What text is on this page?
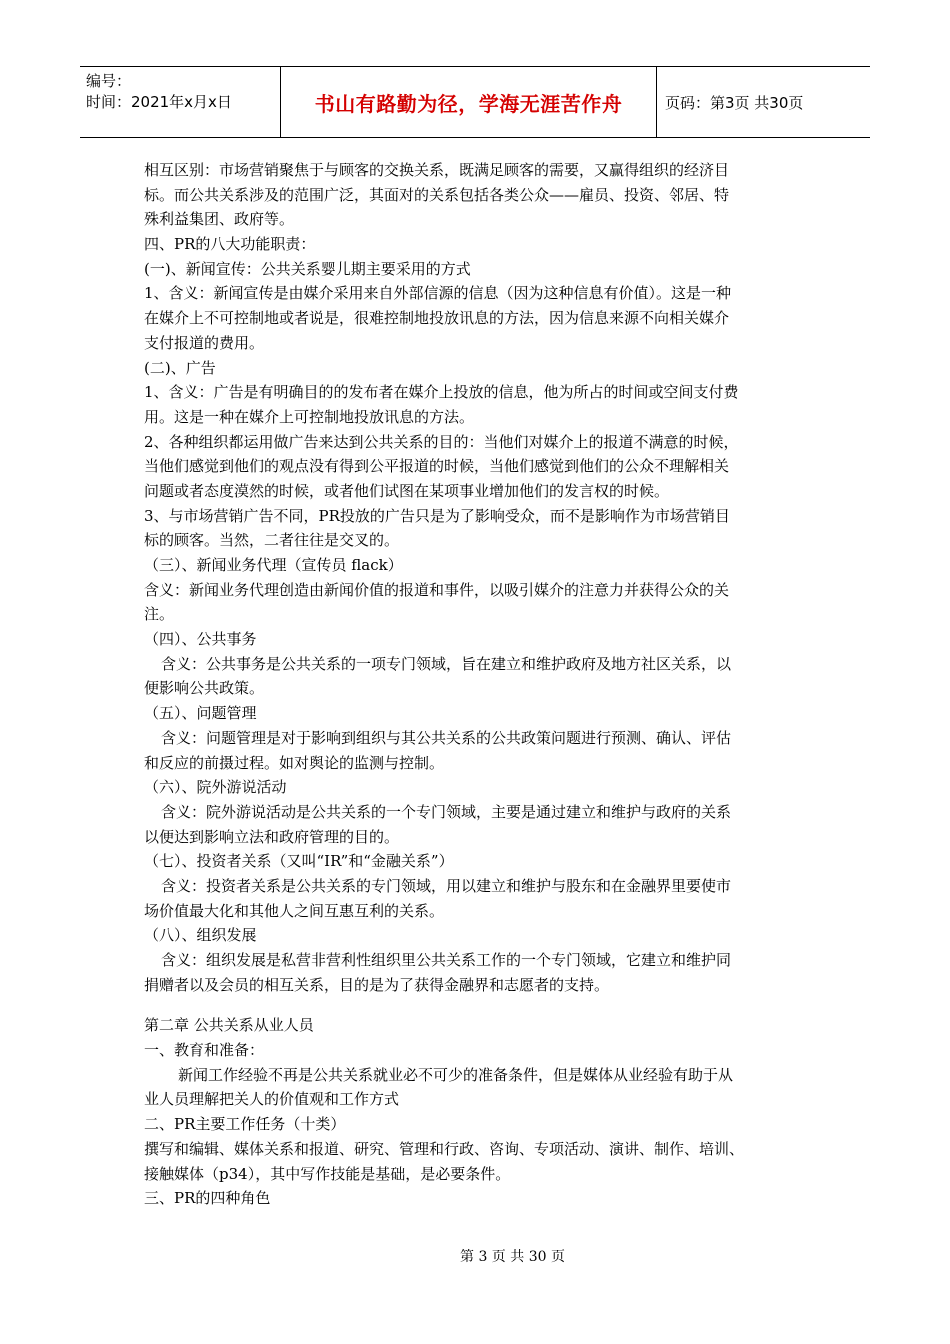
编号：
时间：2021年x月x日	书山有路勤为径，学海无涯苦作舟	页码：第3页 共30页
相互区别：市场营销聚焦于与顾客的交换关系，既满足顾客的需要，又赢得组织的经济目
标。而公共关系涉及的范围广泛，其面对的关系包括各类公众——雇员、投资、邻居、特
殊利益集团、政府等。
四、PR的八大功能职责：
(一)、新闻宣传：公共关系婴儿期主要采用的方式
1、含义：新闻宣传是由媒介采用来自外部信源的信息（因为这种信息有价值）。这是一种
在媒介上不可控制地或者说是，很难控制地投放讯息的方法，因为信息来源不向相关媒介
支付报道的费用。
(二)、广告
1、含义：广告是有明确目的的发布者在媒介上投放的信息，他为所占的时间或空间支付费
用。这是一种在媒介上可控制地投放讯息的方法。
2、各种组织都运用做广告来达到公共关系的目的：当他们对媒介上的报道不满意的时候，
当他们感觉到他们的观点没有得到公平报道的时候，当他们感觉到他们的公众不理解相关
问题或者态度漠然的时候，或者他们试图在某项事业增加他们的发言权的时候。
3、与市场营销广告不同，PR投放的广告只是为了影响受众，而不是影响作为市场营销目
标的顾客。当然，二者往往是交叉的。
（三）、新闻业务代理（宣传员 flack）
含义：新闻业务代理创造由新闻价值的报道和事件，以吸引媒介的注意力并获得公众的关
注。
（四）、公共事务
含义：公共事务是公共关系的一项专门领域，旨在建立和维护政府及地方社区关系，以
便影响公共政策。
（五）、问题管理
含义：问题管理是对于影响到组织与其公共关系的公共政策问题进行预测、确认、评估
和反应的前摄过程。如对舆论的监测与控制。
（六）、院外游说活动
含义：院外游说活动是公共关系的一个专门领域，主要是通过建立和维护与政府的关系
以便达到影响立法和政府管理的目的。
（七）、投资者关系（又叫“IR”和“金融关系”）
含义：投资者关系是公共关系的专门领域，用以建立和维护与股东和在金融界里要使市
场价值最大化和其他人之间互惠互利的关系。
（八）、组织发展
含义：组织发展是私营非营利性组织里公共关系工作的一个专门领域，它建立和维护同
捐赠者以及会员的相互关系，目的是为了获得金融界和志愿者的支持。
第二章 公共关系从业人员
一、教育和准备：
新闻工作经验不再是公共关系就业必不可少的准备条件，但是媒体从业经验有助于从
业人员理解把关人的价值观和工作方式
二、PR主要工作任务（十类）
撰写和编辑、媒体关系和报道、研究、管理和行政、咨询、专项活动、演讲、制作、培训、
接触媒体（p34），其中写作技能是基础，是必要条件。
三、PR的四种角色
第 3 页 共 30 页
